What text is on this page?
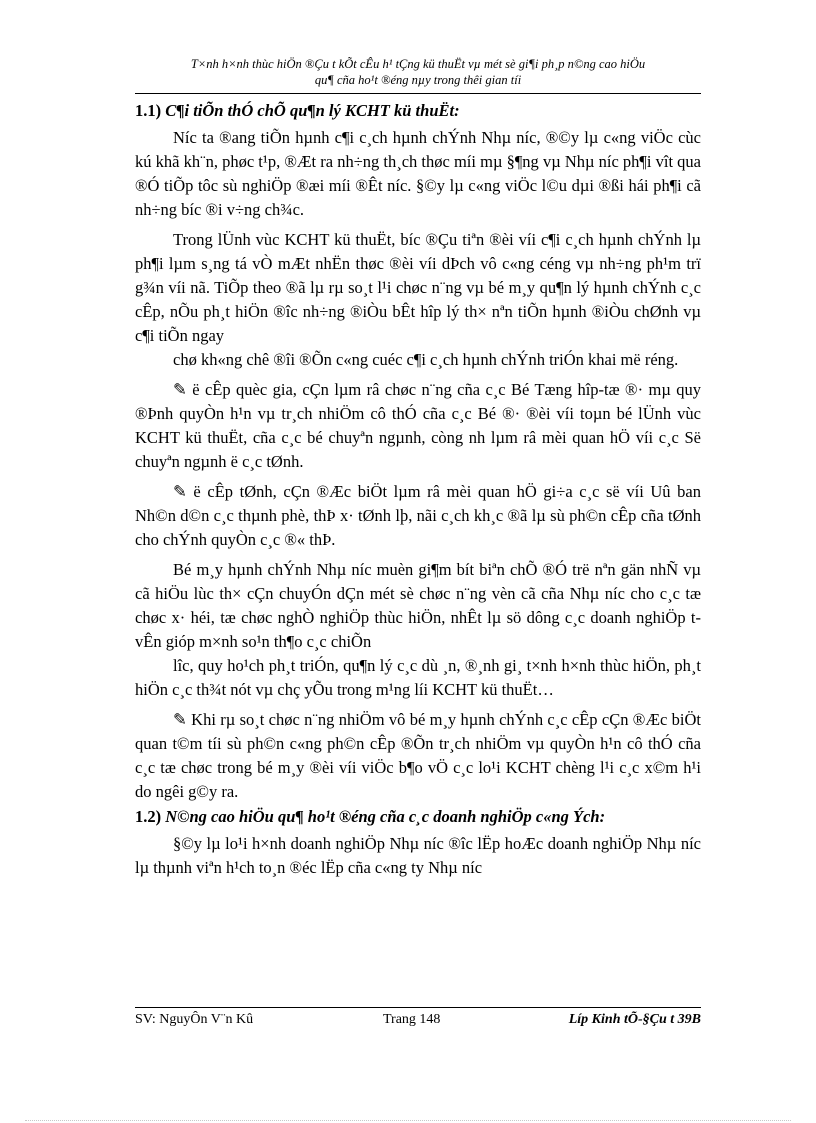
T×nh h×nh thùc hiÖn ®Çu t kÕt cÊu h¹ tÇng kü thuËt vµ mét sè gi¶i ph¸p n©ng cao hiÖu
qu¶ cña ho¹t ®éng nµy trong thêi gian tíi

1.1) C¶i tiÕn thÓ chÕ qu¶n lý KCHT kü thuËt:

Níc ta ®ang tiÕn hµnh c¶i c¸ch hµnh chÝnh Nhµ níc, ®©y lµ c«ng viÖc cùc kú khã kh¨n, phøc t¹p, ®Æt ra nh÷ng th¸ch thøc míi mµ §¶ng vµ Nhµ níc ph¶i vît qua ®Ó tiÕp tôc sù nghiÖp ®æi míi ®Êt níc. §©y lµ c«ng viÖc l©u dµi ®ßi hái ph¶i cã nh÷ng bíc ®i v÷ng ch¾c.

Trong lÜnh vùc KCHT kü thuËt, bíc ®Çu tiªn ®èi víi c¶i c¸ch hµnh chÝnh lµ ph¶i lµm s¸ng tá vÒ mÆt nhËn thøc ®èi víi dÞch vô c«ng céng vµ nh÷ng ph¹m trï g¾n víi nã. TiÕp theo ®ã lµ rµ so¸t l¹i chøc n¨ng vµ bé m¸y qu¶n lý hµnh chÝnh c¸c cÊp, nÕu ph¸t hiÖn ®îc nh÷ng ®iÒu bÊt hîp lý th× nªn tiÕn hµnh ®iÒu chØnh vµ c¶i tiÕn ngay

chø kh«ng chê ®îi ®Õn c«ng cuéc c¶i c¸ch hµnh chÝnh triÓn khai më réng.

✎ ë cÊp quèc gia, cÇn lµm râ chøc n¨ng cña c¸c Bé Tæng hîp-tæ ®· mµ quy ®Þnh quyÒn h¹n vµ tr¸ch nhiÖm cô thÓ cña c¸c Bé ®· ®èi víi toµn bé lÜnh vùc KCHT kü thuËt, cña c¸c bé chuyªn ngµnh, còng nh lµm râ mèi quan hÖ víi c¸c Së chuyªn ngµnh ë c¸c tØnh.

✎ ë cÊp tØnh, cÇn ®Æc biÖt lµm râ mèi quan hÖ gi÷a c¸c së víi Uû ban Nh©n d©n c¸c thµnh phè, thÞ x· tØnh lþ, nãi c¸ch kh¸c ®ã lµ sù ph©n cÊp cña tØnh cho chÝnh quyÒn c¸c ®« thÞ.

Bé m¸y hµnh chÝnh Nhµ níc muèn gi¶m bít biªn chÕ ®Ó trë nªn gän nhÑ vµ cã hiÖu lùc th× cÇn chuyÓn dÇn mét sè chøc n¨ng vèn cã cña Nhµ níc cho c¸c tæ chøc x· héi, tæ chøc nghÒ nghiÖp thùc hiÖn, nhÊt lµ sö dông c¸c doanh nghiÖp t vÊn gióp m×nh so¹n th¶o c¸c chiÕn

lîc, quy ho¹ch ph¸t triÓn, qu¶n lý c¸c dù ¸n, ®¸nh gi¸ t×nh h×nh thùc hiÖn, ph¸t hiÖn c¸c th¾t nót vµ chç yÕu trong m¹ng líi KCHT kü thuËt…

✎ Khi rµ so¸t chøc n¨ng nhiÖm vô bé m¸y hµnh chÝnh c¸c cÊp cÇn ®Æc biÖt quan t©m tíi sù ph©n c«ng ph©n cÊp ®Õn tr¸ch nhiÖm vµ quyÒn h¹n cô thÓ cña c¸c tæ chøc trong bé m¸y ®èi víi viÖc b¶o vÖ c¸c lo¹i KCHT chèng l¹i c¸c x©m h¹i do ngêi g©y ra.

1.2) N©ng cao hiÖu qu¶ ho¹t ®éng cña c¸c doanh nghiÖp c«ng Ých:

§©y lµ lo¹i h×nh doanh nghiÖp Nhµ níc ®îc lËp hoÆc doanh nghiÖp Nhµ níc lµ thµnh viªn h¹ch to¸n ®éc lËp cña c«ng ty Nhµ níc

SV: NguyÔn V¨n Kû	Trang 148	Líp Kinh tÕ-§Çu t 39B
